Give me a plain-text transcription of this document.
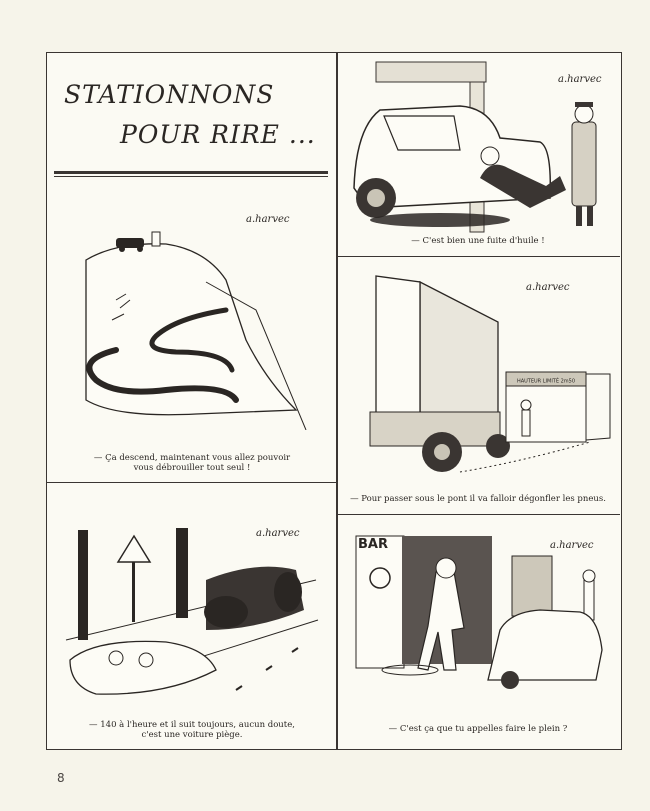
STATIONNONS
POUR RIRE ...
a.harvec
— C'est bien une fuite d'huile !
a.harvec
— Ça descend, maintenant vous allez pouvoir
vous débrouiller tout seul !
HAUTEUR LIMITÉ 2m50
a.harvec
— Pour passer sous le pont il va falloir dégonfler les pneus.
a.harvec
— 140 à l'heure et il suit toujours, aucun doute,
c'est une voiture piège.
BAR	a.harvec
— C'est ça que tu appelles faire le plein ?
8
